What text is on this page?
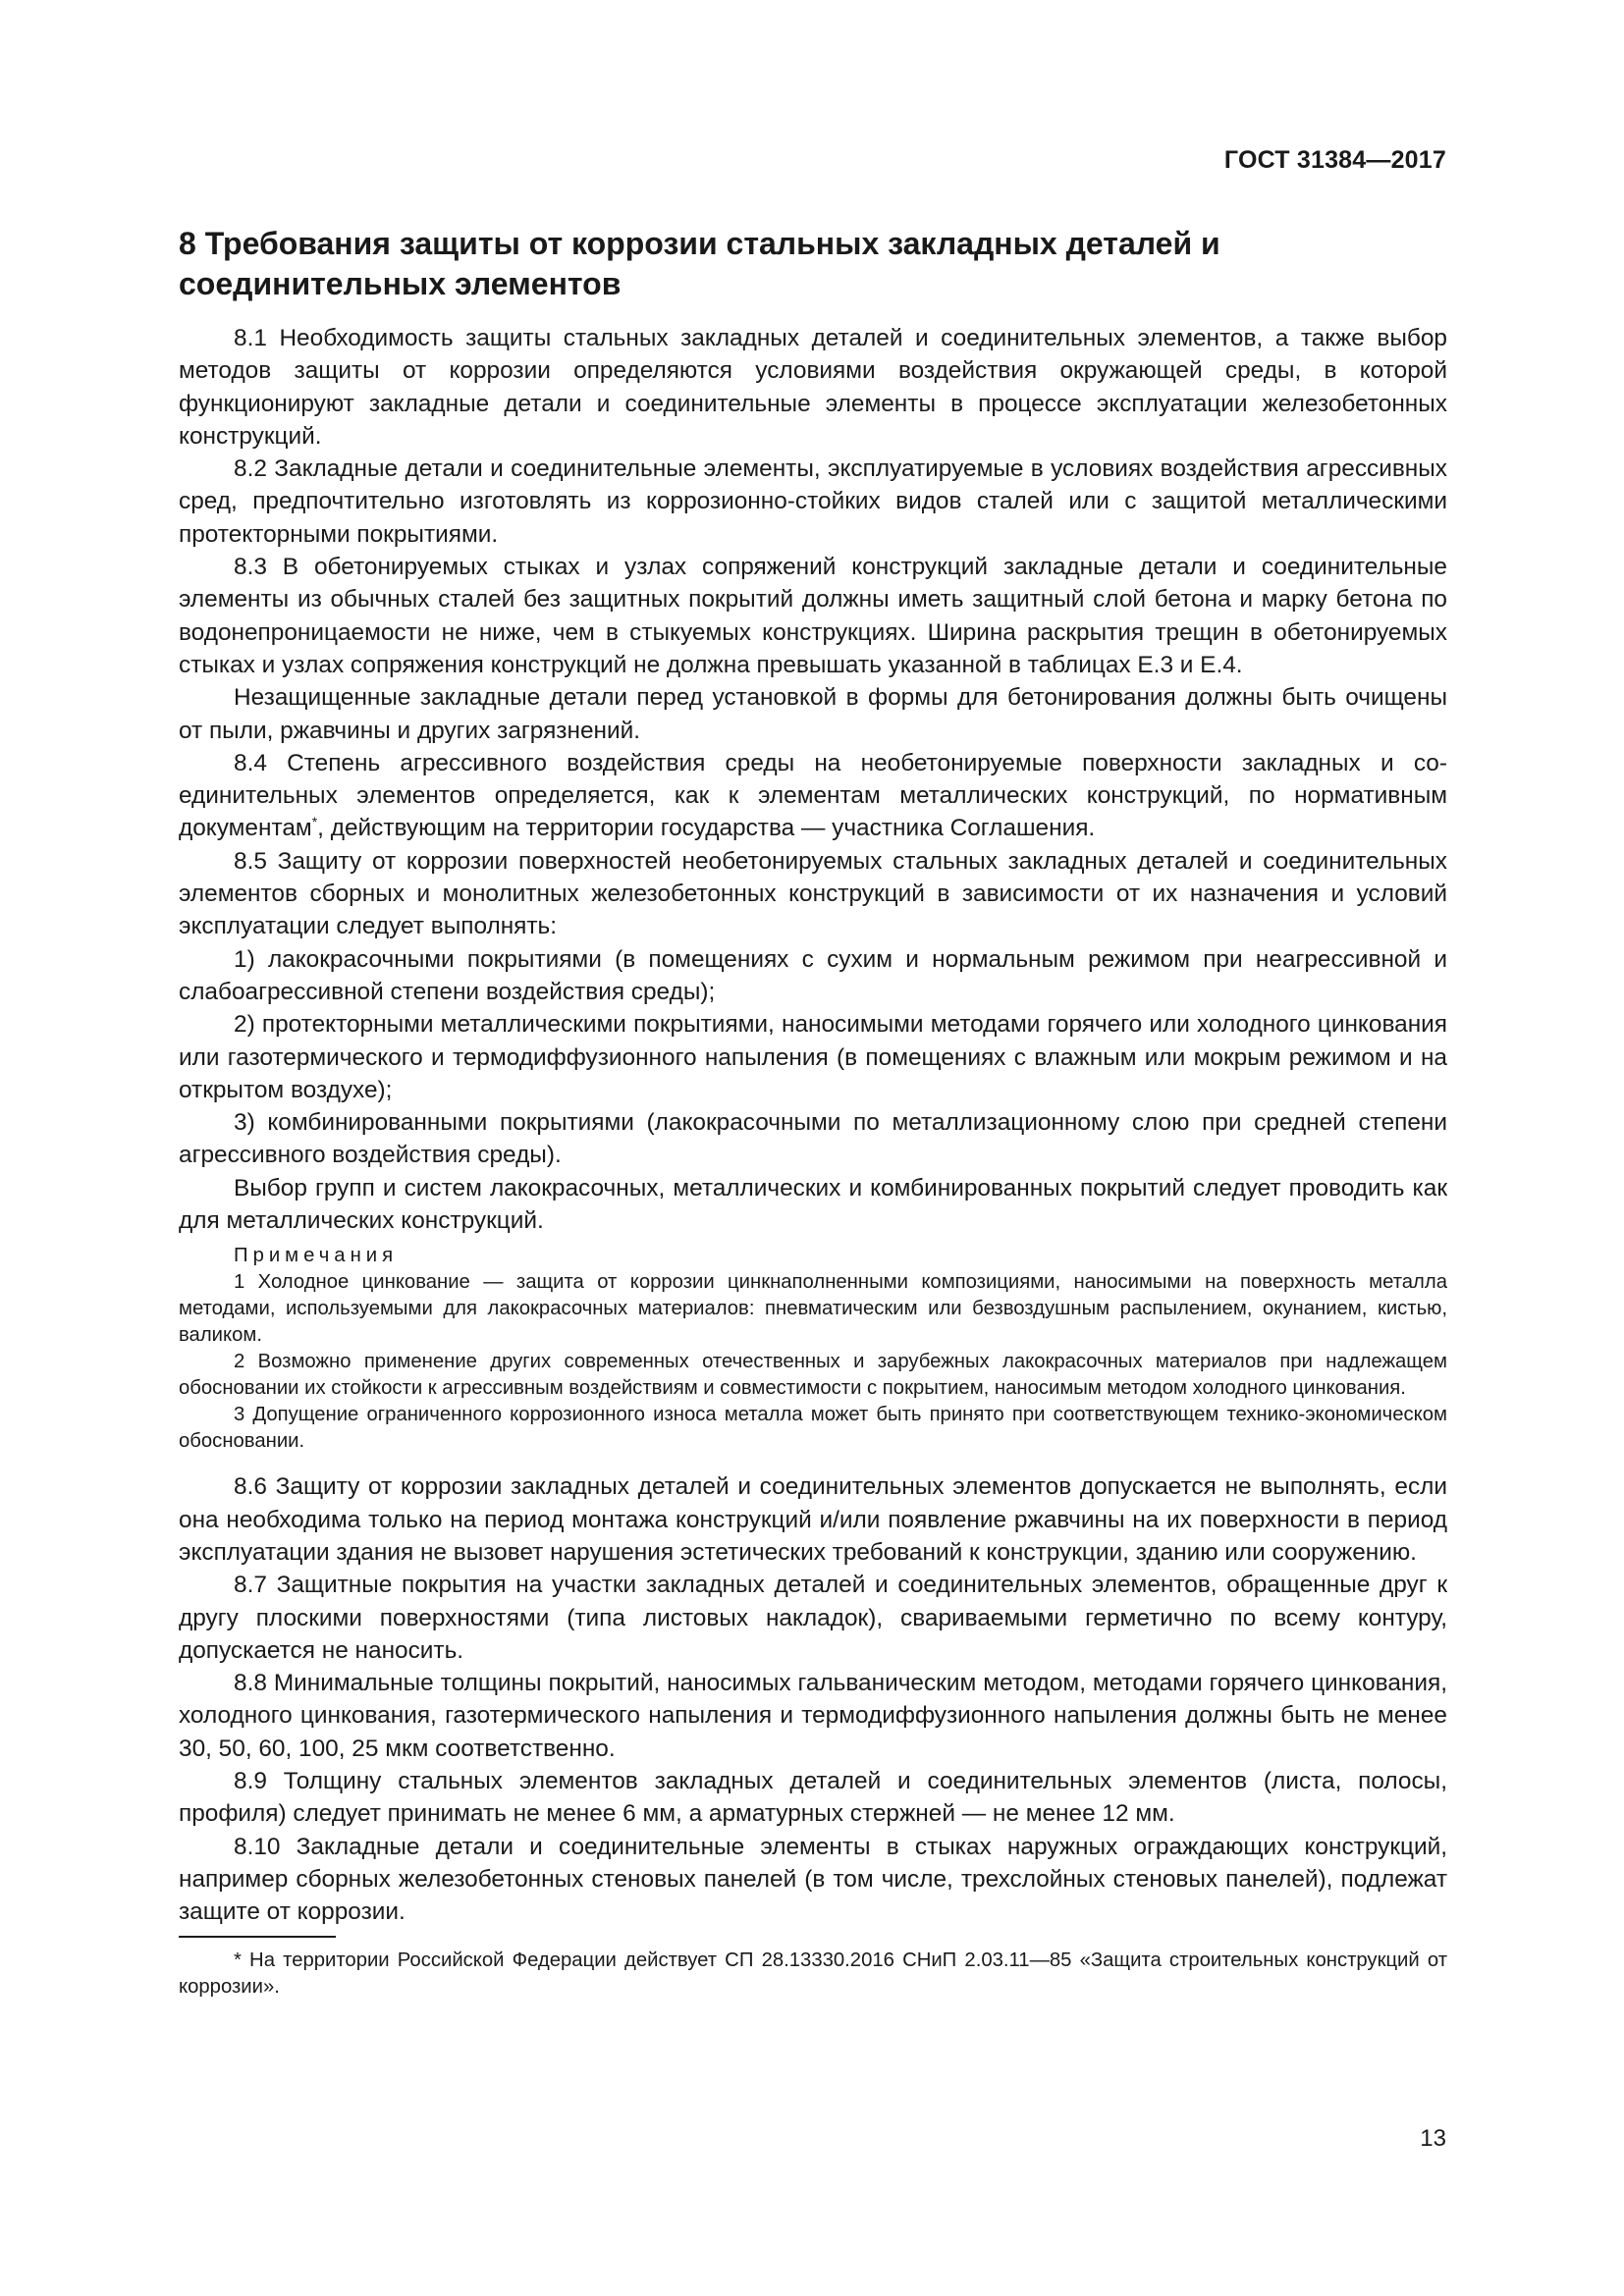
ГОСТ 31384—2017
8 Требования защиты от коррозии стальных закладных деталей и соединительных элементов

8.1 Необходимость защиты стальных закладных деталей и соединительных элементов, а также выбор методов защиты от коррозии определяются условиями воздействия окружающей среды, в которой функционируют закладные детали и соединительные элементы в процессе эксплуатации железобетонных конструкций.

8.2 Закладные детали и соединительные элементы, эксплуатируемые в условиях воздействия агрессивных сред, предпочтительно изготовлять из коррозионно-стойких видов сталей или с защитой металлическими протекторными покрытиями.

8.3 В обетонируемых стыках и узлах сопряжений конструкций закладные детали и соединительные элементы из обычных сталей без защитных покрытий должны иметь защитный слой бетона и марку бетона по водонепроницаемости не ниже, чем в стыкуемых конструкциях. Ширина раскрытия трещин в обетонируемых стыках и узлах сопряжения конструкций не должна превышать указанной в таблицах Е.3 и Е.4.

Незащищенные закладные детали перед установкой в формы для бетонирования должны быть очищены от пыли, ржавчины и других загрязнений.

8.4 Степень агрессивного воздействия среды на необетонируемые поверхности закладных и соединительных элементов определяется, как к элементам металлических конструкций, по нормативным документам*, действующим на территории государства — участника Соглашения.

8.5 Защиту от коррозии поверхностей необетонируемых стальных закладных деталей и соединительных элементов сборных и монолитных железобетонных конструкций в зависимости от их назначения и условий эксплуатации следует выполнять:

1) лакокрасочными покрытиями (в помещениях с сухим и нормальным режимом при неагрессивной и слабоагрессивной степени воздействия среды);

2) протекторными металлическими покрытиями, наносимыми методами горячего или холодного цинкования или газотермического и термодиффузионного напыления (в помещениях с влажным или мокрым режимом и на открытом воздухе);

3) комбинированными покрытиями (лакокрасочными по металлизационному слою при средней степени агрессивного воздействия среды).

Выбор групп и систем лакокрасочных, металлических и комбинированных покрытий следует проводить как для металлических конструкций.

Примечания

1 Холодное цинкование — защита от коррозии цинкнаполненными композициями, наносимыми на поверхность металла методами, используемыми для лакокрасочных материалов: пневматическим или безвоздушным распылением, окунанием, кистью, валиком.

2 Возможно применение других современных отечественных и зарубежных лакокрасочных материалов при надлежащем обосновании их стойкости к агрессивным воздействиям и совместимости с покрытием, наносимым методом холодного цинкования.

3 Допущение ограниченного коррозионного износа металла может быть принято при соответствующем технико-экономическом обосновании.

8.6 Защиту от коррозии закладных деталей и соединительных элементов допускается не выполнять, если она необходима только на период монтажа конструкций и/или появление ржавчины на их поверхности в период эксплуатации здания не вызовет нарушения эстетических требований к конструкции, зданию или сооружению.

8.7 Защитные покрытия на участки закладных деталей и соединительных элементов, обращенные друг к другу плоскими поверхностями (типа листовых накладок), свариваемыми герметично по всему контуру, допускается не наносить.

8.8 Минимальные толщины покрытий, наносимых гальваническим методом, методами горячего цинкования, холодного цинкования, газотермического напыления и термодиффузионного напыления должны быть не менее 30, 50, 60, 100, 25 мкм соответственно.

8.9 Толщину стальных элементов закладных деталей и соединительных элементов (листа, полосы, профиля) следует принимать не менее 6 мм, а арматурных стержней — не менее 12 мм.

8.10 Закладные детали и соединительные элементы в стыках наружных ограждающих конструкций, например сборных железобетонных стеновых панелей (в том числе, трехслойных стеновых панелей), подлежат защите от коррозии.

* На территории Российской Федерации действует СП 28.13330.2016 СНиП 2.03.11—85 «Защита строительных конструкций от коррозии».

13
